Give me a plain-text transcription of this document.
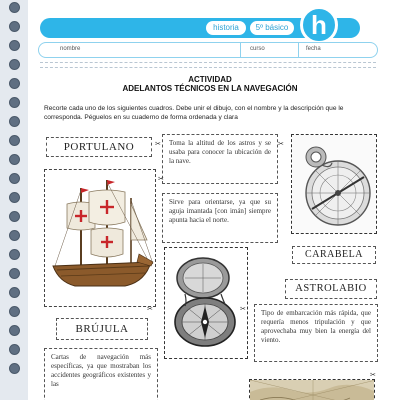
historia	5º básico h
nombre	curso	fecha
ACTIVIDAD
ADELANTOS TÉCNICOS EN LA NAVEGACIÓN
Recorte cada uno de los siguientes cuadros. Debe unir el dibujo, con el nombre y la descripción que le corresponda. Péguelos en su cuaderno de forma ordenada y clara
PORTULANO	Toma la altitud de los astros y se usaba para conocer la ubicación de la nave.
Sirve para orientarse, ya que su aguja imantada [con imán] siempre apunta hacia el norte.
CARABELA
ASTROLABIO
Tipo de embarcación más rápida, que requería menos tripulación y que aprovechaba muy bien la energía del viento.
BRÚJULA
Cartas de navegación más específicas, ya que mostraban los accidentes geográficos existentes y las
✂	✂
✂
✂	✂
✂
